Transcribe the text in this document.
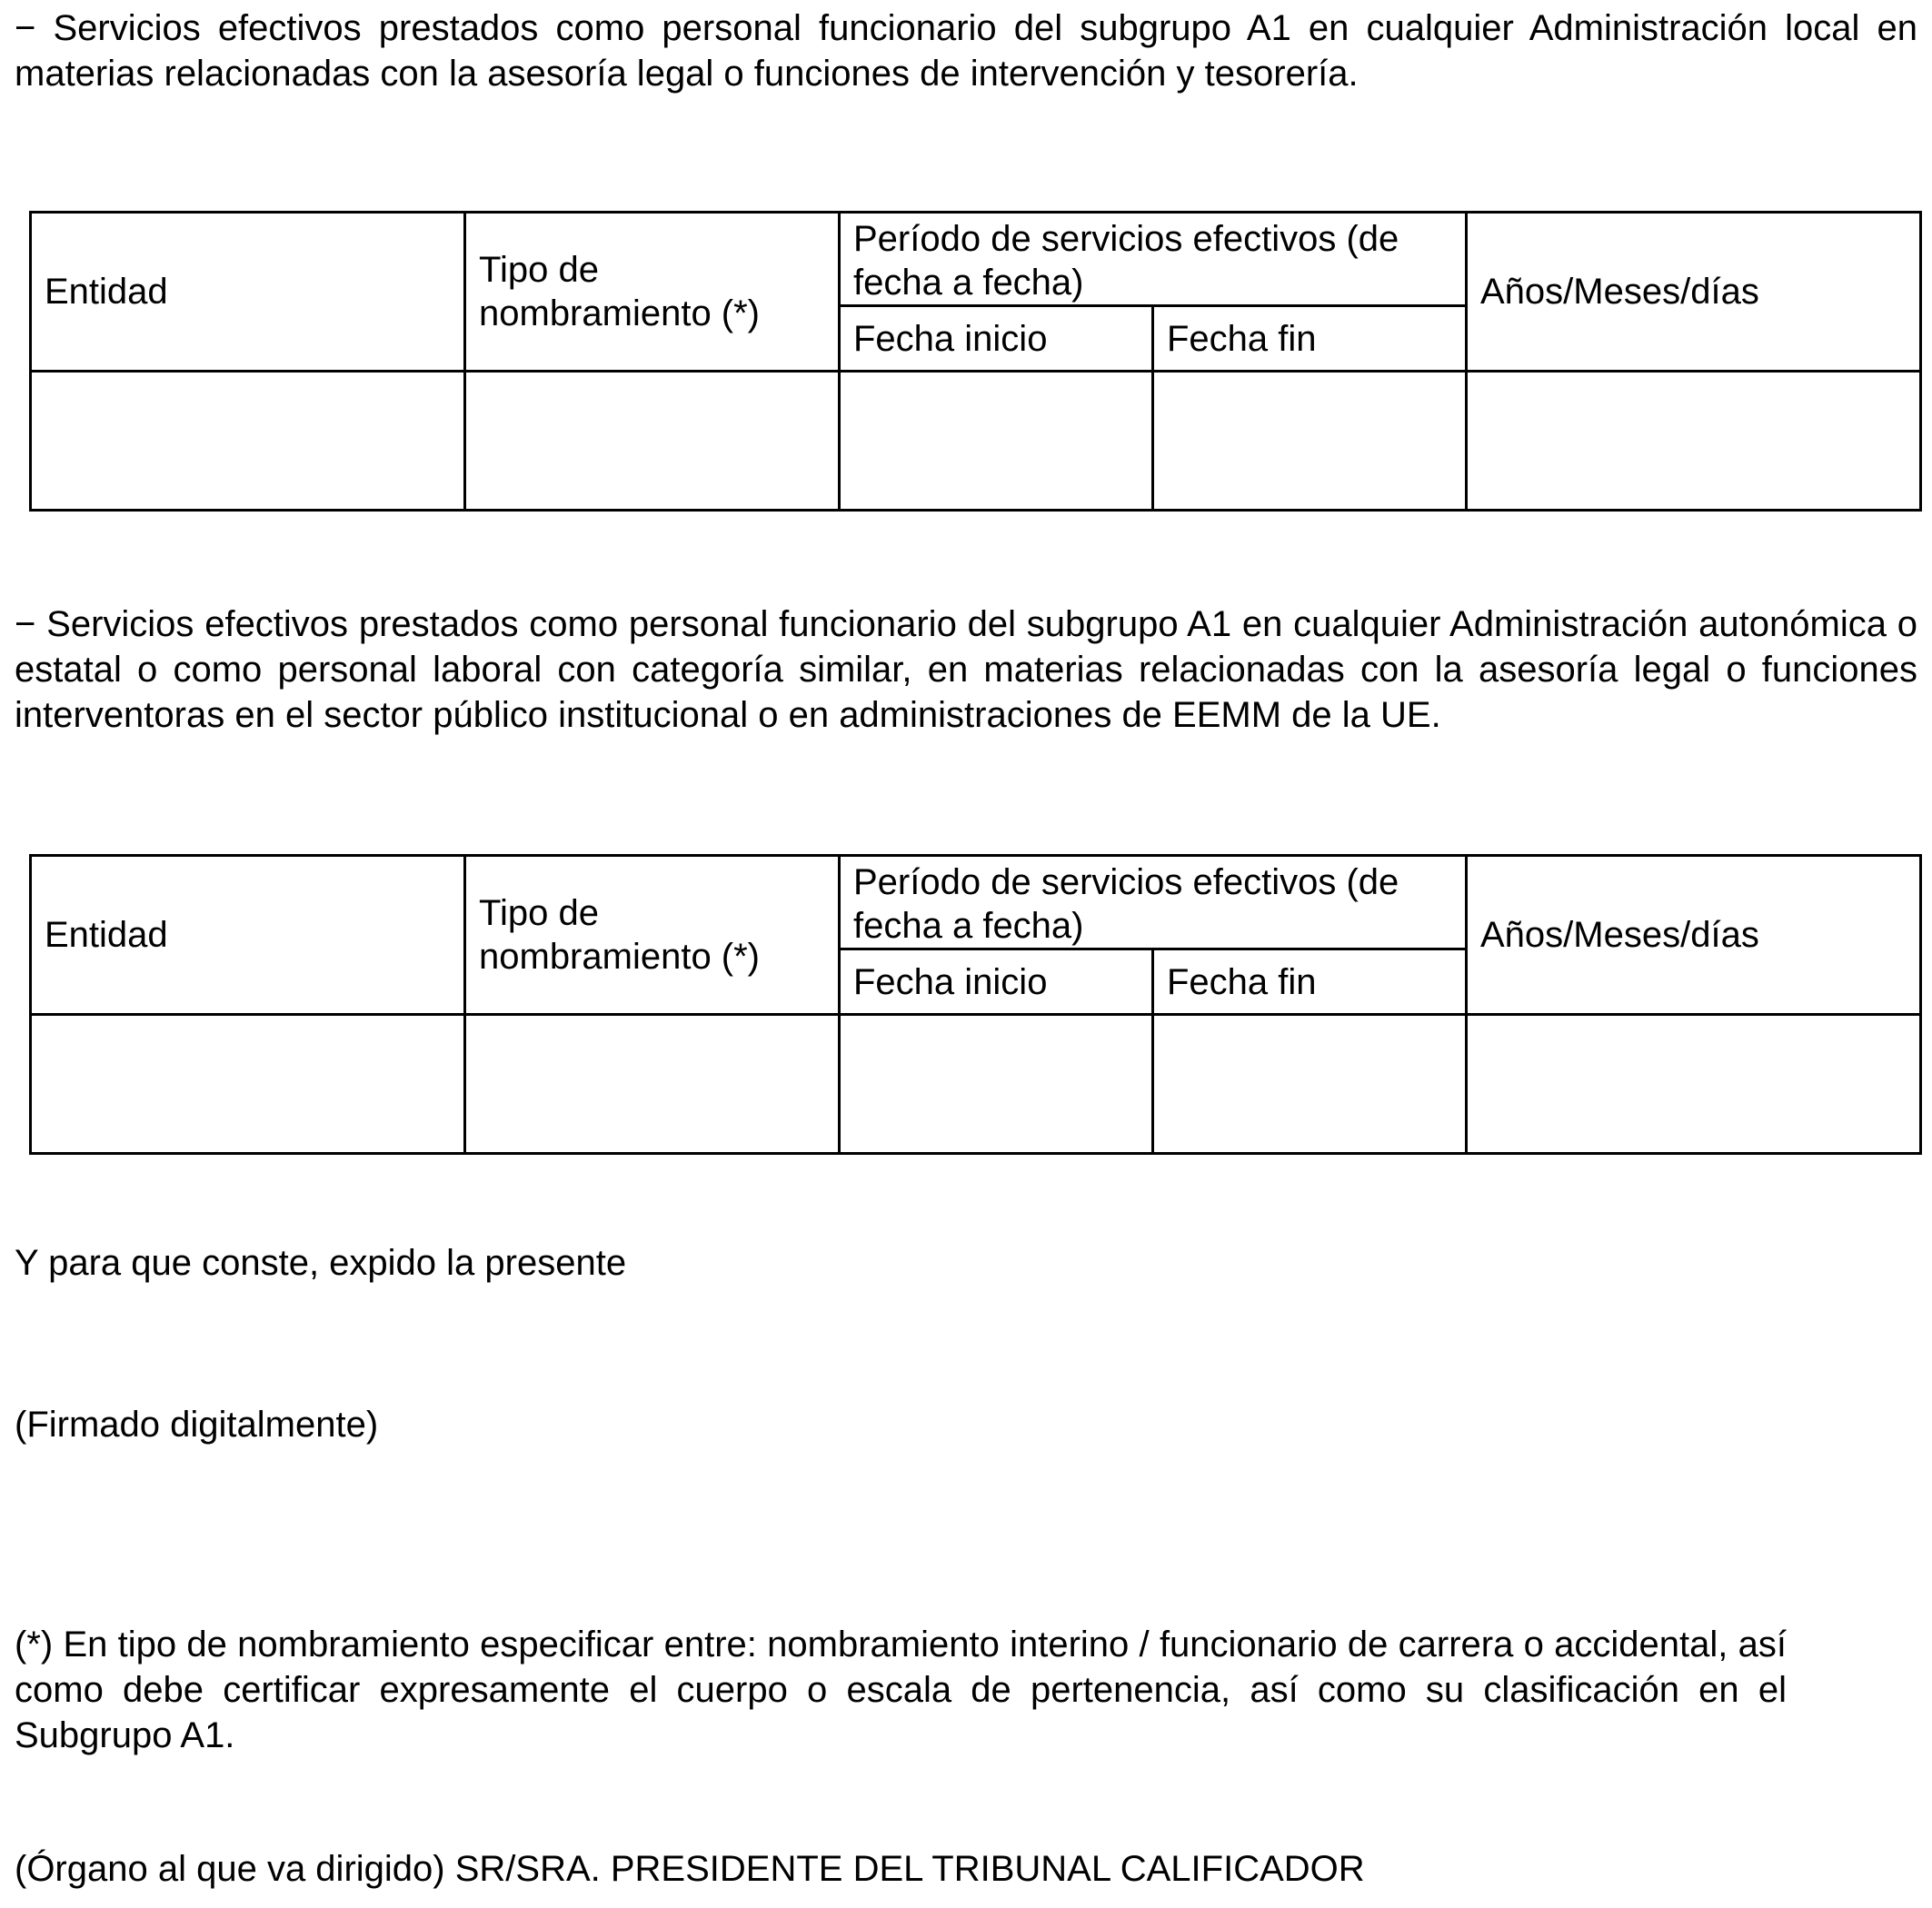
− Servicios efectivos prestados como personal funcionario del subgrupo A1 en cualquier Administración local en materias relacionadas con la asesoría legal o funciones de intervención y tesorería.

Entidad	Tipo de nombramiento (*)	Período de servicios efectivos (de fecha a fecha)		Años/Meses/días
		Fecha inicio	Fecha fin	

− Servicios efectivos prestados como personal funcionario del subgrupo A1 en cualquier Administración autonómica o estatal o como personal laboral con categoría similar, en materias relacionadas con la asesoría legal o funciones interventoras en el sector público institucional o en administraciones de EEMM de la UE.

Entidad	Tipo de nombramiento (*)	Período de servicios efectivos (de fecha a fecha)		Años/Meses/días
		Fecha inicio	Fecha fin	

Y para que conste, expido la presente

(Firmado digitalmente)

(*) En tipo de nombramiento especificar entre: nombramiento interino / funcionario de carrera o accidental, así como debe certificar expresamente el cuerpo o escala de pertenencia, así como su clasificación en el Subgrupo A1.

(Órgano al que va dirigido) SR/SRA. PRESIDENTE DEL TRIBUNAL CALIFICADOR
